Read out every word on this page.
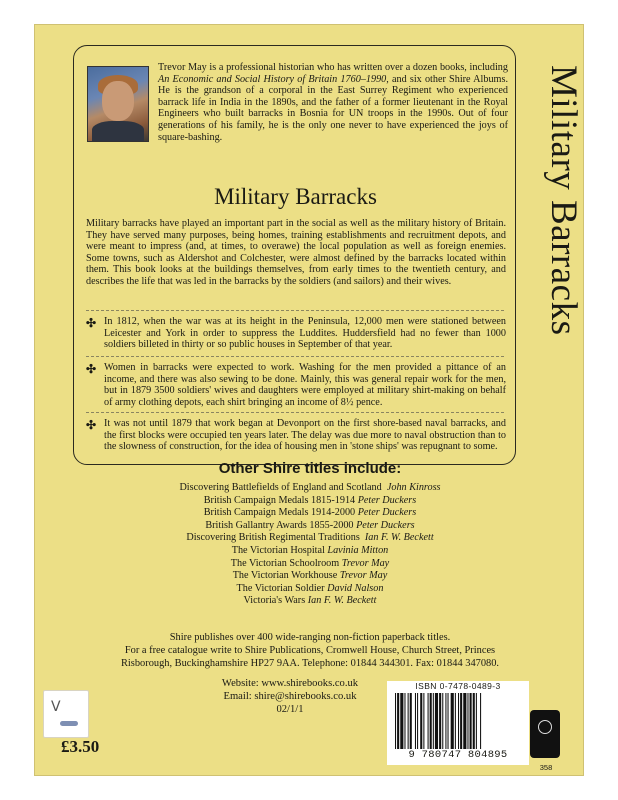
Military Barracks
Trevor May is a professional historian who has written over a dozen books, including An Economic and Social History of Britain 1760–1990, and six other Shire Albums. He is the grandson of a corporal in the East Surrey Regiment who experienced barrack life in India in the 1890s, and the father of a former lieutenant in the Royal Engineers who built barracks in Bosnia for UN troops in the 1990s. Out of four generations of his family, he is the only one never to have experienced the joys of square-bashing.
Military Barracks
Military barracks have played an important part in the social as well as the military history of Britain. They have served many purposes, being homes, training establishments and recruitment depots, and were meant to impress (and, at times, to overawe) the local population as well as foreign enemies. Some towns, such as Aldershot and Colchester, were almost defined by the barracks located within them. This book looks at the buildings themselves, from early times to the twentieth century, and describes the life that was led in the barracks by the soldiers (and sailors) and their wives.
✣ In 1812, when the war was at its height in the Peninsula, 12,000 men were stationed between Leicester and York in order to suppress the Luddites. Huddersfield had no fewer than 1000 soldiers billeted in thirty or so public houses in September of that year.
✣ Women in barracks were expected to work. Washing for the men provided a pittance of an income, and there was also sewing to be done. Mainly, this was general repair work for the men, but in 1879 3500 soldiers' wives and daughters were employed at military shirt-making on behalf of army clothing depots, each shirt bringing an income of 8½ pence.
✣ It was not until 1879 that work began at Devonport on the first shore-based naval barracks, and the first blocks were occupied ten years later. The delay was due more to naval obstruction than to the slowness of construction, for the idea of housing men in 'stone ships' was repugnant to some.
Other Shire titles include:
Discovering Battlefields of England and Scotland John Kinross
British Campaign Medals 1815-1914 Peter Duckers
British Campaign Medals 1914-2000 Peter Duckers
British Gallantry Awards 1855-2000 Peter Duckers
Discovering British Regimental Traditions Ian F. W. Beckett
The Victorian Hospital Lavinia Mitton
The Victorian Schoolroom Trevor May
The Victorian Workhouse Trevor May
The Victorian Soldier David Nalson
Victoria's Wars Ian F. W. Beckett
Shire publishes over 400 wide-ranging non-fiction paperback titles.
For a free catalogue write to Shire Publications, Cromwell House, Church Street, Princes
Risborough, Buckinghamshire HP27 9AA. Telephone: 01844 344301. Fax: 01844 347080.
Website: www.shirebooks.co.uk
Email: shire@shirebooks.co.uk
02/1/1
ISBN 0-7478-0489-3
9 780747 804895
358
V
£3.50
